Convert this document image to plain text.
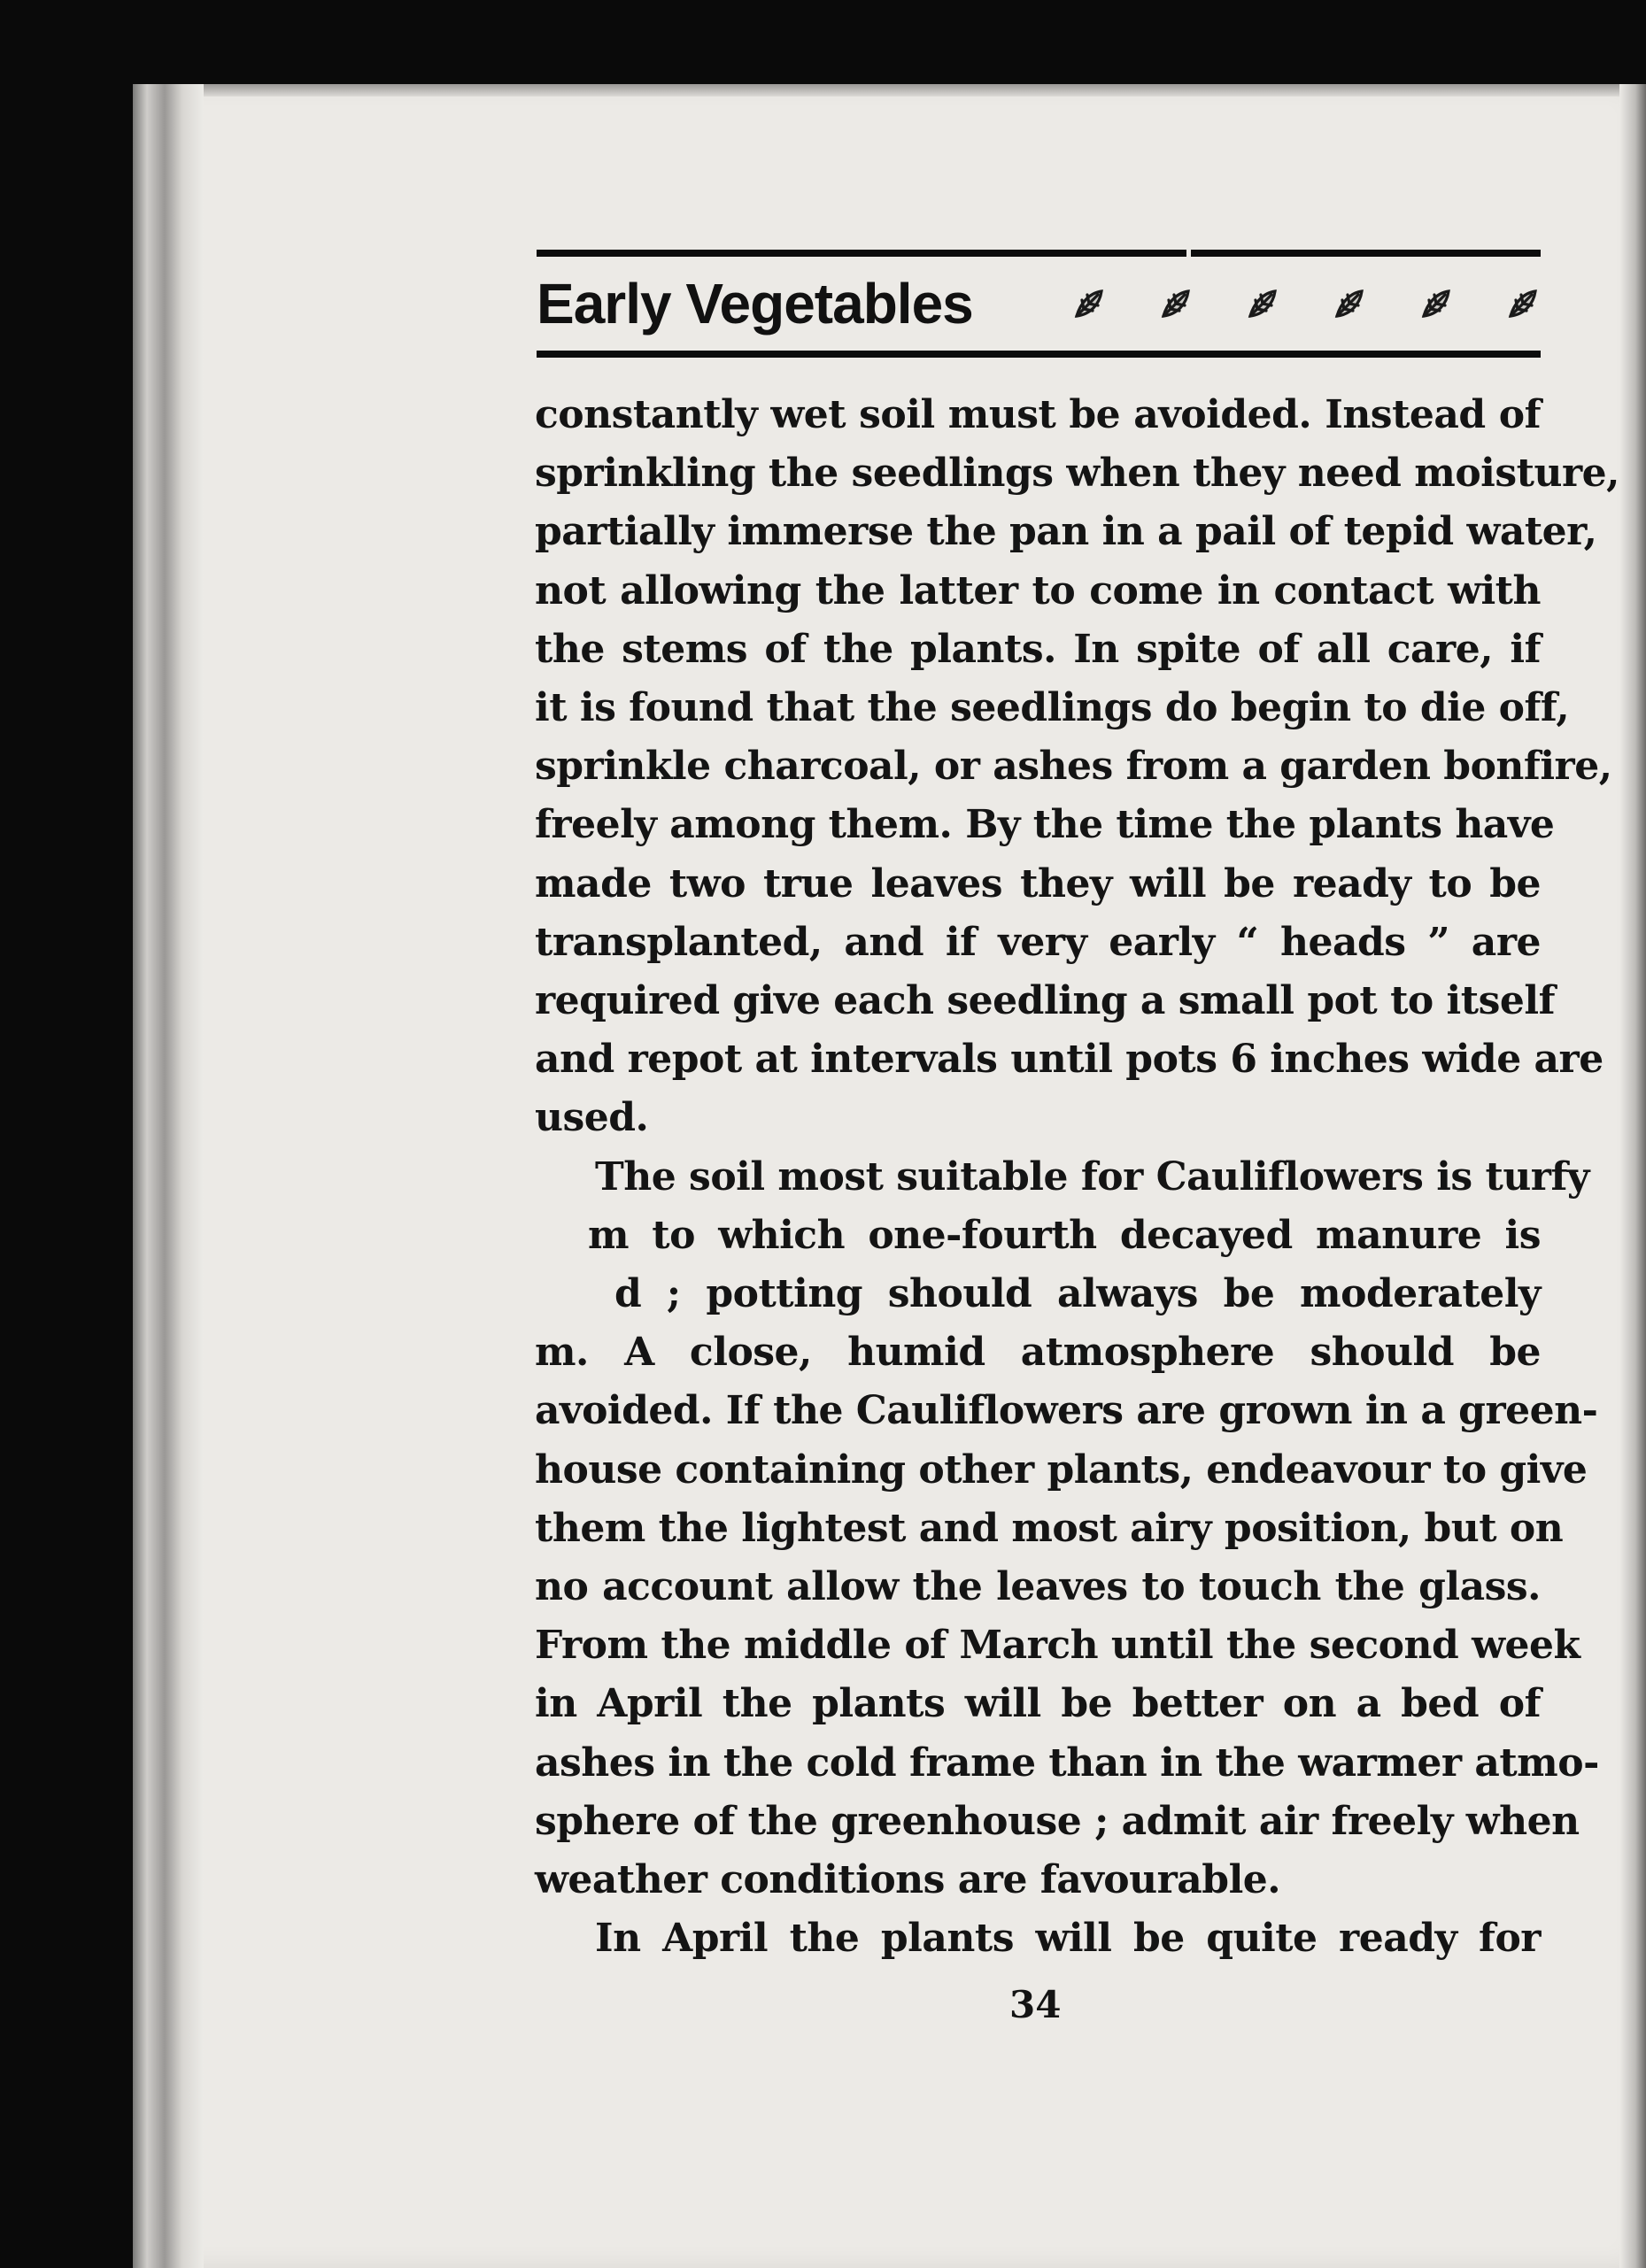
Early Vegetables
constantly wet soil must be avoided. Instead of
sprinkling the seedlings when they need moisture,
partially immerse the pan in a pail of tepid water,
not allowing the latter to come in contact with
the stems of the plants. In spite of all care, if
it is found that the seedlings do begin to die off,
sprinkle charcoal, or ashes from a garden bonfire,
freely among them. By the time the plants have
made two true leaves they will be ready to be
transplanted, and if very early “ heads ” are
required give each seedling a small pot to itself
and repot at intervals until pots 6 inches wide are
used.
The soil most suitable for Cauliflowers is turfy
m to which one-fourth decayed manure is
d ; potting should always be moderately
m. A close, humid atmosphere should be
avoided. If the Cauliflowers are grown in a green-
house containing other plants, endeavour to give
them the lightest and most airy position, but on
no account allow the leaves to touch the glass.
From the middle of March until the second week
in April the plants will be better on a bed of
ashes in the cold frame than in the warmer atmo-
sphere of the greenhouse ; admit air freely when
weather conditions are favourable.
In April the plants will be quite ready for
34
